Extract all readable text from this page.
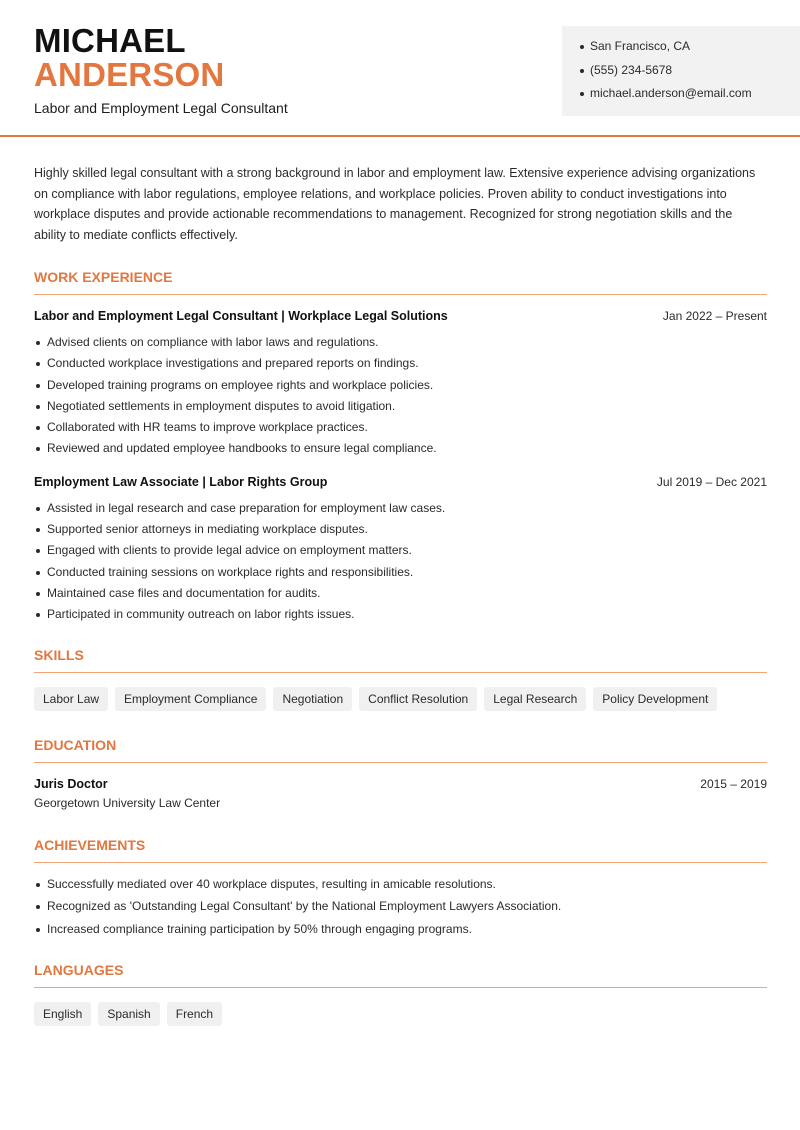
MICHAEL
ANDERSON
Labor and Employment Legal Consultant
San Francisco, CA
(555) 234-5678
michael.anderson@email.com

Highly skilled legal consultant with a strong background in labor and employment law. Extensive experience advising organizations on compliance with labor regulations, employee relations, and workplace policies. Proven ability to conduct investigations into workplace disputes and provide actionable recommendations to management. Recognized for strong negotiation skills and the ability to mediate conflicts effectively.

WORK EXPERIENCE
Labor and Employment Legal Consultant | Workplace Legal Solutions	Jan 2022 – Present
Advised clients on compliance with labor laws and regulations.
Conducted workplace investigations and prepared reports on findings.
Developed training programs on employee rights and workplace policies.
Negotiated settlements in employment disputes to avoid litigation.
Collaborated with HR teams to improve workplace practices.
Reviewed and updated employee handbooks to ensure legal compliance.
Employment Law Associate | Labor Rights Group	Jul 2019 – Dec 2021
Assisted in legal research and case preparation for employment law cases.
Supported senior attorneys in mediating workplace disputes.
Engaged with clients to provide legal advice on employment matters.
Conducted training sessions on workplace rights and responsibilities.
Maintained case files and documentation for audits.
Participated in community outreach on labor rights issues.
SKILLS
Labor Law	Employment Compliance	Negotiation	Conflict Resolution	Legal Research	Policy Development
EDUCATION
Juris Doctor	2015 – 2019
Georgetown University Law Center
ACHIEVEMENTS
Successfully mediated over 40 workplace disputes, resulting in amicable resolutions.
Recognized as 'Outstanding Legal Consultant' by the National Employment Lawyers Association.
Increased compliance training participation by 50% through engaging programs.
LANGUAGES
English	Spanish	French
